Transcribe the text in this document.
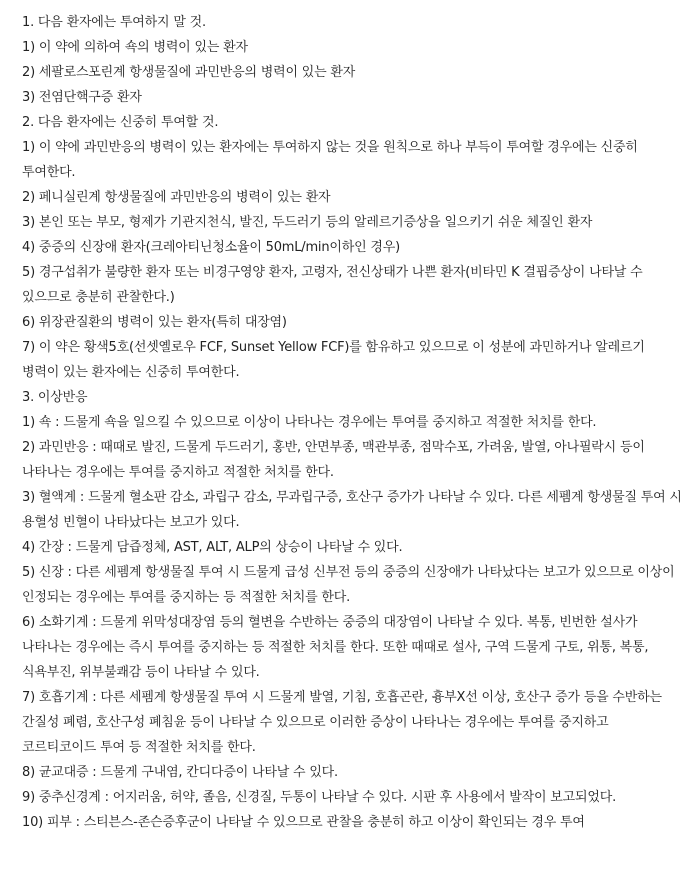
1. 다음 환자에는 투여하지 말 것.
1) 이 약에 의하여 쇽의 병력이 있는 환자
2) 세팔로스포린계 항생물질에 과민반응의 병력이 있는 환자
3) 전염단핵구증 환자
2. 다음 환자에는 신중히 투여할 것.
1) 이 약에 과민반응의 병력이 있는 환자에는 투여하지 않는 것을 원칙으로 하나 부득이 투여할 경우에는 신중히 투여한다.
2) 페니실린계 항생물질에 과민반응의 병력이 있는 환자
3) 본인 또는 부모, 형제가 기관지천식, 발진, 두드러기 등의 알레르기증상을 일으키기 쉬운 체질인 환자
4) 중증의 신장애 환자(크레아티닌청소율이 50mL/min이하인 경우)
5) 경구섭취가 불량한 환자 또는 비경구영양 환자, 고령자, 전신상태가 나쁜 환자(비타민 K 결핍증상이 나타날 수 있으므로 충분히 관찰한다.)
6) 위장관질환의 병력이 있는 환자(특히 대장염)
7) 이 약은 황색5호(선셋옐로우 FCF, Sunset Yellow FCF)를 함유하고 있으므로 이 성분에 과민하거나 알레르기 병력이 있는 환자에는 신중히 투여한다.
3. 이상반응
1) 쇽 : 드물게 쇽을 일으킬 수 있으므로 이상이 나타나는 경우에는 투여를 중지하고 적절한 처치를 한다.
2) 과민반응 : 때때로 발진, 드물게 두드러기, 홍반, 안면부종, 맥관부종, 점막수포, 가려움, 발열, 아나필락시 등이 나타나는 경우에는 투여를 중지하고 적절한 처치를 한다.
3) 혈액계 : 드물게 혈소판 감소, 과립구 감소, 무과립구증, 호산구 증가가 나타날 수 있다. 다른 세펨계 항생물질 투여 시 용혈성 빈혈이 나타났다는 보고가 있다.
4) 간장 : 드물게 담즙정체, AST, ALT, ALP의 상승이 나타날 수 있다.
5) 신장 : 다른 세펨계 항생물질 투여 시 드물게 급성 신부전 등의 중증의 신장애가 나타났다는 보고가 있으므로 이상이 인정되는 경우에는 투여를 중지하는 등 적절한 처치를 한다.
6) 소화기계 : 드물게 위막성대장염 등의 혈변을 수반하는 중증의 대장염이 나타날 수 있다. 복통, 빈번한 설사가 나타나는 경우에는 즉시 투여를 중지하는 등 적절한 처치를 한다. 또한 때때로 설사, 구역 드물게 구토, 위통, 복통, 식욕부진, 위부불쾌감 등이 나타날 수 있다.
7) 호흡기계 : 다른 세펨계 항생물질 투여 시 드물게 발열, 기침, 호흡곤란, 흉부X선 이상, 호산구 증가 등을 수반하는 간질성 폐렴, 호산구성 폐침윤 등이 나타날 수 있으므로 이러한 증상이 나타나는 경우에는 투여를 중지하고 코르티코이드 투여 등 적절한 처치를 한다.
8) 균교대증 : 드물게 구내염, 칸디다증이 나타날 수 있다.
9) 중추신경계 : 어지러움, 허약, 졸음, 신경질, 두통이 나타날 수 있다. 시판 후 사용에서 발작이 보고되었다.
10) 피부 : 스티븐스-존슨증후군이 나타날 수 있으므로 관찰을 충분히 하고 이상이 확인되는 경우 투여
